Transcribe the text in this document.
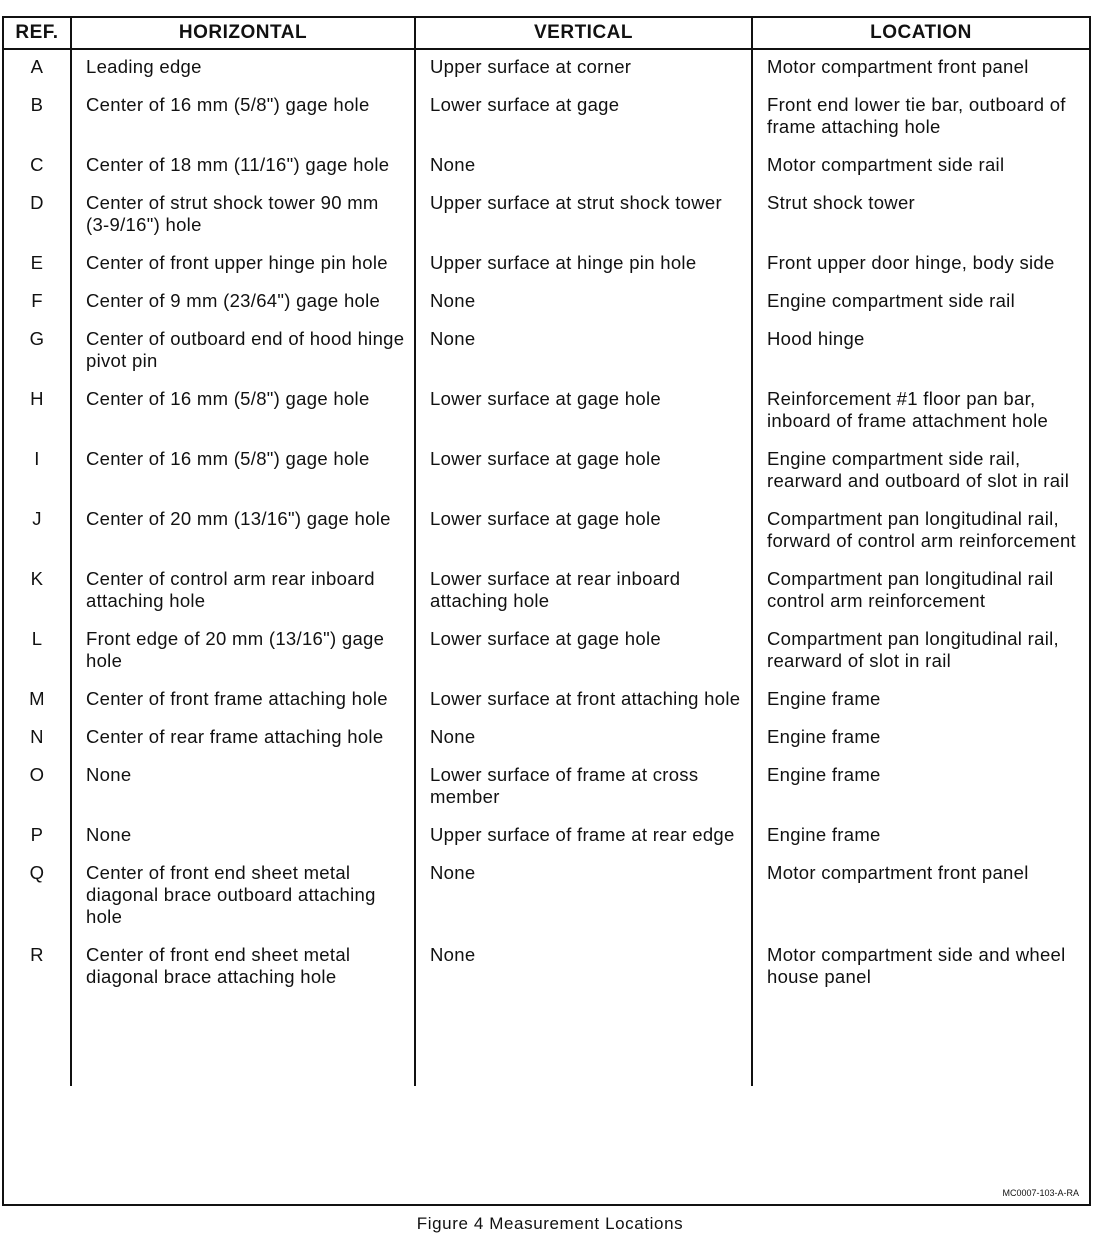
REF.	HORIZONTAL	VERTICAL	LOCATION
A	Leading edge	Upper surface at corner	Motor compartment front panel
B	Center of 16 mm (5/8") gage hole	Lower surface at gage	Front end lower tie bar, outboard of frame attaching hole
C	Center of 18 mm (11/16") gage hole	None	Motor compartment side rail
D	Center of strut shock tower 90 mm (3-9/16") hole	Upper surface at strut shock tower	Strut shock tower
E	Center of front upper hinge pin hole	Upper surface at hinge pin hole	Front upper door hinge, body side
F	Center of 9 mm (23/64") gage hole	None	Engine compartment side rail
G	Center of outboard end of hood hinge pivot pin	None	Hood hinge
H	Center of 16 mm (5/8") gage hole	Lower surface at gage hole	Reinforcement #1 floor pan bar, inboard of frame attachment hole
I	Center of 16 mm (5/8") gage hole	Lower surface at gage hole	Engine compartment side rail, rearward and outboard of slot in rail
J	Center of 20 mm (13/16") gage hole	Lower surface at gage hole	Compartment pan longitudinal rail, forward of control arm reinforcement
K	Center of control arm rear inboard attaching hole	Lower surface at rear inboard attaching hole	Compartment pan longitudinal rail control arm reinforcement
L	Front edge of 20 mm (13/16") gage hole	Lower surface at gage hole	Compartment pan longitudinal rail, rearward of slot in rail
M	Center of front frame attaching hole	Lower surface at front attaching hole	Engine frame
N	Center of rear frame attaching hole	None	Engine frame
O	None	Lower surface of frame at cross member	Engine frame
P	None	Upper surface of frame at rear edge	Engine frame
Q	Center of front end sheet metal diagonal brace outboard attaching hole	None	Motor compartment front panel
R	Center of front end sheet metal diagonal brace attaching hole	None	Motor compartment side and wheel house panel

MC0007-103-A-RA
Figure 4 Measurement Locations
